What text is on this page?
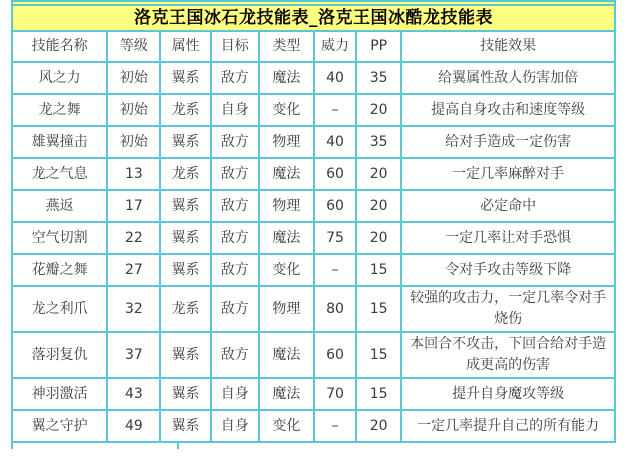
洛克王国冰石龙技能表_洛克王国冰酷龙技能表							
技能名称	等级	属性	目标	类型	威力	PP	技能效果
风之力	初始	翼系	敌方	魔法	40	35	给翼属性敌人伤害加倍
龙之舞	初始	龙系	自身	变化	–	20	提高自身攻击和速度等级
雄翼撞击	初始	翼系	敌方	物理	40	35	给对手造成一定伤害
龙之气息	13	龙系	敌方	魔法	60	20	一定几率麻醉对手
燕返	17	翼系	敌方	物理	60	20	必定命中
空气切割	22	翼系	敌方	魔法	75	20	一定几率让对手恐惧
花瓣之舞	27	翼系	敌方	变化	–	15	令对手攻击等级下降
龙之利爪	32	龙系	敌方	物理	80	15	较强的攻击力，一定几率令对手烧伤
落羽复仇	37	翼系	敌方	魔法	60	15	本回合不攻击，下回合给对手造成更高的伤害
神羽激活	43	翼系	自身	魔法	70	15	提升自身魔攻等级
翼之守护	49	翼系	自身	变化	–	20	一定几率提升自己的所有能力
